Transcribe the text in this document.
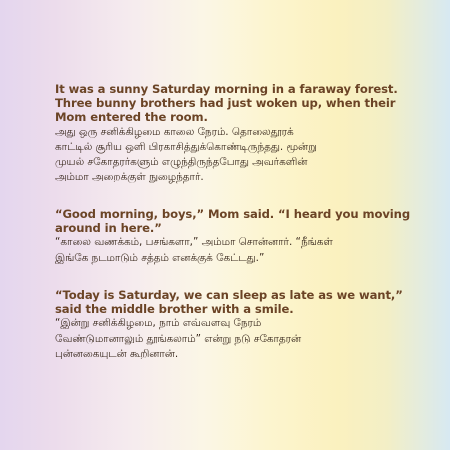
It was a sunny Saturday morning in a faraway forest.

Three bunny brothers had just woken up, when their

Mom entered the room.

அது ஒரு சனிக்கிழமை காலை நேரம். தொலைதூரக்

காட்டில் சூரிய ஒளி பிரகாசித்துக்கொண்டிருந்தது. மூன்று

முயல் சகோதரர்களும் எழுந்திருந்தபோது அவர்களின்

அம்மா அறைக்குள் நுழைந்தார்.

“Good morning, boys,” Mom said. “I heard you moving

around in here.”

“காலை வணக்கம், பசங்களா,” அம்மா சொன்னார். “நீங்கள்

இங்கே நடமாடும் சத்தம் எனக்குக் கேட்டது.”

“Today is Saturday, we can sleep as late as we want,”

said the middle brother with a smile.

“இன்று சனிக்கிழமை, நாம் எவ்வளவு நேரம்

வேண்டுமானாலும் தூங்கலாம்” என்று நடு சகோதரன்

புன்னகையுடன் கூறினான்.
